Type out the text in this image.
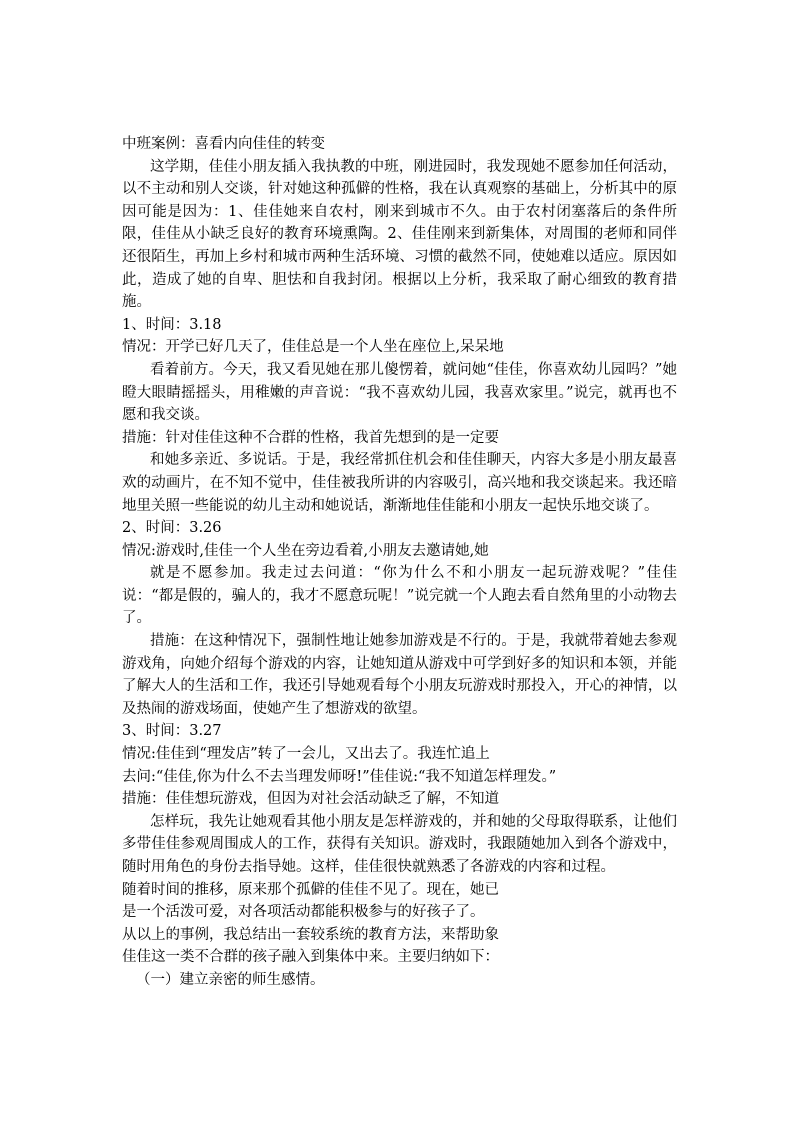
中班案例：喜看内向佳佳的转变

这学期，佳佳小朋友插入我执教的中班，刚进园时，我发现她不愿参加任何活动，以不主动和别人交谈，针对她这种孤僻的性格，我在认真观察的基础上，分析其中的原因可能是因为：1、佳佳她来自农村，刚来到城市不久。由于农村闭塞落后的条件所限，佳佳从小缺乏良好的教育环境熏陶。2、佳佳刚来到新集体，对周围的老师和同伴还很陌生，再加上乡村和城市两种生活环境、习惯的截然不同，使她难以适应。原因如此，造成了她的自卑、胆怯和自我封闭。根据以上分析，我采取了耐心细致的教育措施。

1、时间：3.18

情况：开学已好几天了，佳佳总是一个人坐在座位上,呆呆地

看着前方。今天，我又看见她在那儿傻愣着，就问她“佳佳，你喜欢幼儿园吗？”她瞪大眼睛摇摇头，用稚嫩的声音说：“我不喜欢幼儿园，我喜欢家里。”说完，就再也不愿和我交谈。

措施：针对佳佳这种不合群的性格，我首先想到的是一定要

和她多亲近、多说话。于是，我经常抓住机会和佳佳聊天，内容大多是小朋友最喜欢的动画片，在不知不觉中，佳佳被我所讲的内容吸引，高兴地和我交谈起来。我还暗地里关照一些能说的幼儿主动和她说话，渐渐地佳佳能和小朋友一起快乐地交谈了。

2、时间：3.26

情况:游戏时,佳佳一个人坐在旁边看着,小朋友去邀请她,她

就是不愿参加。我走过去问道：“你为什么不和小朋友一起玩游戏呢？”佳佳说：“都是假的，骗人的，我才不愿意玩呢！”说完就一个人跑去看自然角里的小动物去了。

措施：在这种情况下，强制性地让她参加游戏是不行的。于是，我就带着她去参观游戏角，向她介绍每个游戏的内容，让她知道从游戏中可学到好多的知识和本领，并能了解大人的生活和工作，我还引导她观看每个小朋友玩游戏时那投入，开心的神情，以及热闹的游戏场面，使她产生了想游戏的欲望。

3、时间：3.27

情况:佳佳到“理发店”转了一会儿，又出去了。我连忙追上

去问:“佳佳,你为什么不去当理发师呀!”佳佳说:“我不知道怎样理发。”

措施：佳佳想玩游戏，但因为对社会活动缺乏了解，不知道

怎样玩，我先让她观看其他小朋友是怎样游戏的，并和她的父母取得联系，让他们多带佳佳参观周围成人的工作，获得有关知识。游戏时，我跟随她加入到各个游戏中，随时用角色的身份去指导她。这样，佳佳很快就熟悉了各游戏的内容和过程。

随着时间的推移，原来那个孤僻的佳佳不见了。现在，她已

是一个活泼可爱，对各项活动都能积极参与的好孩子了。

从以上的事例，我总结出一套较系统的教育方法，来帮助象

佳佳这一类不合群的孩子融入到集体中来。主要归纳如下：

（一）建立亲密的师生感情。
